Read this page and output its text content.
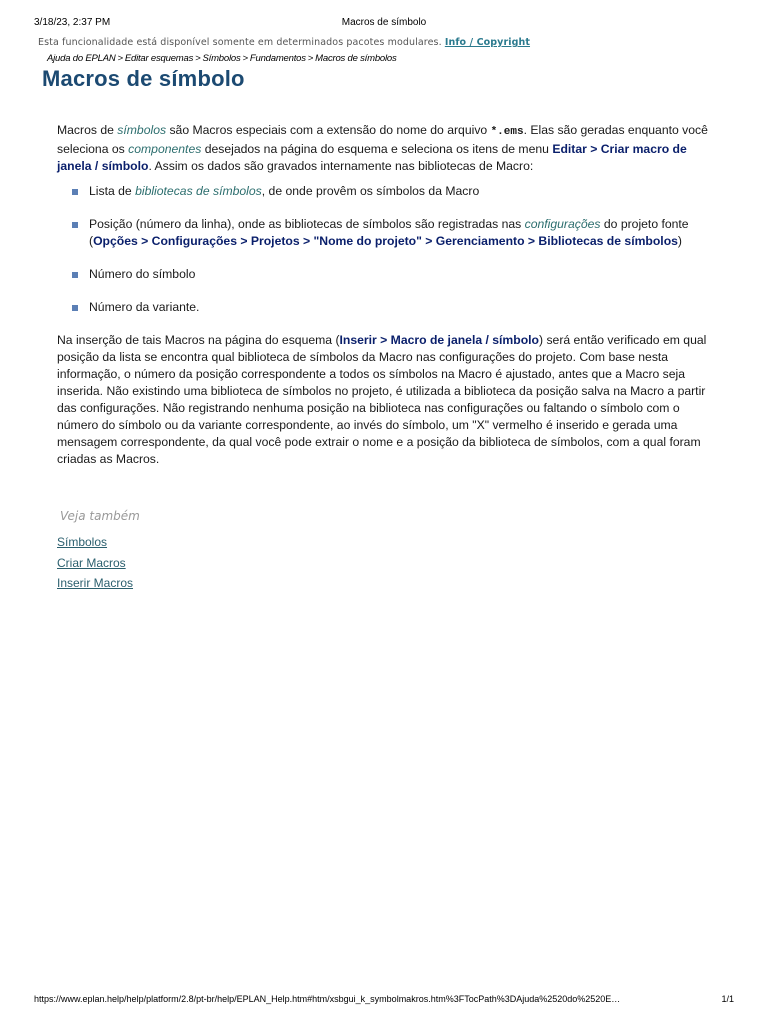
3/18/23, 2:37 PM	Macros de símbolo
Esta funcionalidade está disponível somente em determinados pacotes modulares. Info / Copyright
Ajuda do EPLAN > Editar esquemas > Símbolos > Fundamentos > Macros de símbolos
Macros de símbolo

Macros de símbolos são Macros especiais com a extensão do nome do arquivo *.ems. Elas são geradas enquanto você seleciona os componentes desejados na página do esquema e seleciona os itens de menu Editar > Criar macro de janela / símbolo. Assim os dados são gravados internamente nas bibliotecas de Macro:

Lista de bibliotecas de símbolos, de onde provêm os símbolos da Macro
Posição (número da linha), onde as bibliotecas de símbolos são registradas nas configurações do projeto fonte (Opções > Configurações > Projetos > "Nome do projeto" > Gerenciamento > Bibliotecas de símbolos)
Número do símbolo
Número da variante.

Na inserção de tais Macros na página do esquema (Inserir > Macro de janela / símbolo) será então verificado em qual posição da lista se encontra qual biblioteca de símbolos da Macro nas configurações do projeto. Com base nesta informação, o número da posição correspondente a todos os símbolos na Macro é ajustado, antes que a Macro seja inserida. Não existindo uma biblioteca de símbolos no projeto, é utilizada a biblioteca da posição salva na Macro a partir das configurações. Não registrando nenhuma posição na biblioteca nas configurações ou faltando o símbolo com o número do símbolo ou da variante correspondente, ao invés do símbolo, um "X" vermelho é inserido e gerada uma mensagem correspondente, da qual você pode extrair o nome e a posição da biblioteca de símbolos, com a qual foram criadas as Macros.

Veja também
Símbolos
Criar Macros
Inserir Macros
https://www.eplan.help/help/platform/2.8/pt-br/help/EPLAN_Help.htm#htm/xsbgui_k_symbolmakros.htm%3FTocPath%3DAjuda%2520do%2520E…	1/1
